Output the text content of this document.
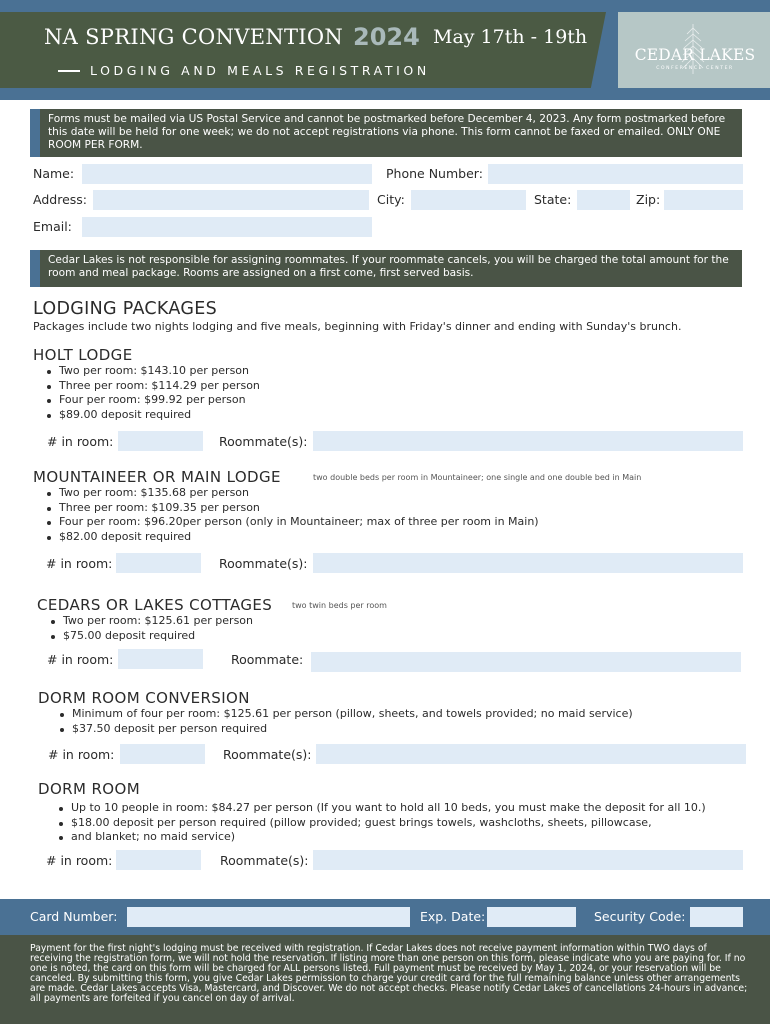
NA SPRING CONVENTION 2024 May 17th - 19th
LODGING AND MEALS REGISTRATION
CEDAR LAKES
CONFERENCE CENTER
Forms must be mailed via US Postal Service and cannot be postmarked before December 4, 2023. Any form postmarked before this date will be held for one week; we do not accept registrations via phone. This form cannot be faxed or emailed. ONLY ONE ROOM PER FORM.
Name:	Phone Number:
Address:	City:	State:	Zip:
Email:
Cedar Lakes is not responsible for assigning roommates. If your roommate cancels, you will be charged the total amount for the room and meal package. Rooms are assigned on a first come, first served basis.
LODGING PACKAGES
Packages include two nights lodging and five meals, beginning with Friday's dinner and ending with Sunday's brunch.
HOLT LODGE
Two per room: $143.10 per person
Three per room: $114.29 per person
Four per room: $99.92 per person
$89.00 deposit required
# in room:	Roommate(s):
MOUNTAINEER OR MAIN LODGE	two double beds per room in Mountaineer; one single and one double bed in Main
Two per room: $135.68 per person
Three per room: $109.35 per person
Four per room: $96.20per person (only in Mountaineer; max of three per room in Main)
$82.00 deposit required
# in room:	Roommate(s):
CEDARS OR LAKES COTTAGES two twin beds per room
Two per room: $125.61 per person
$75.00 deposit required
# in room:	Roommate:
DORM ROOM CONVERSION
Minimum of four per room: $125.61 per person (pillow, sheets, and towels provided; no maid service)
$37.50 deposit per person required
# in room:	Roommate(s):
DORM ROOM
Up to 10 people in room: $84.27 per person (If you want to hold all 10 beds, you must make the deposit for all 10.)
$18.00 deposit per person required (pillow provided; guest brings towels, washcloths, sheets, pillowcase,
and blanket; no maid service)
# in room:	Roommate(s):
Card Number:	Exp. Date:	Security Code:
Payment for the first night's lodging must be received with registration. If Cedar Lakes does not receive payment information within TWO days of receiving the registration form, we will not hold the reservation. If listing more than one person on this form, please indicate who you are paying for. If no one is noted, the card on this form will be charged for ALL persons listed. Full payment must be received by May 1, 2024, or your reservation will be canceled. By submitting this form, you give Cedar Lakes permission to charge your credit card for the full remaining balance unless other arrangements are made. Cedar Lakes accepts Visa, Mastercard, and Discover. We do not accept checks. Please notify Cedar Lakes of cancellations 24-hours in advance; all payments are forfeited if you cancel on day of arrival.
